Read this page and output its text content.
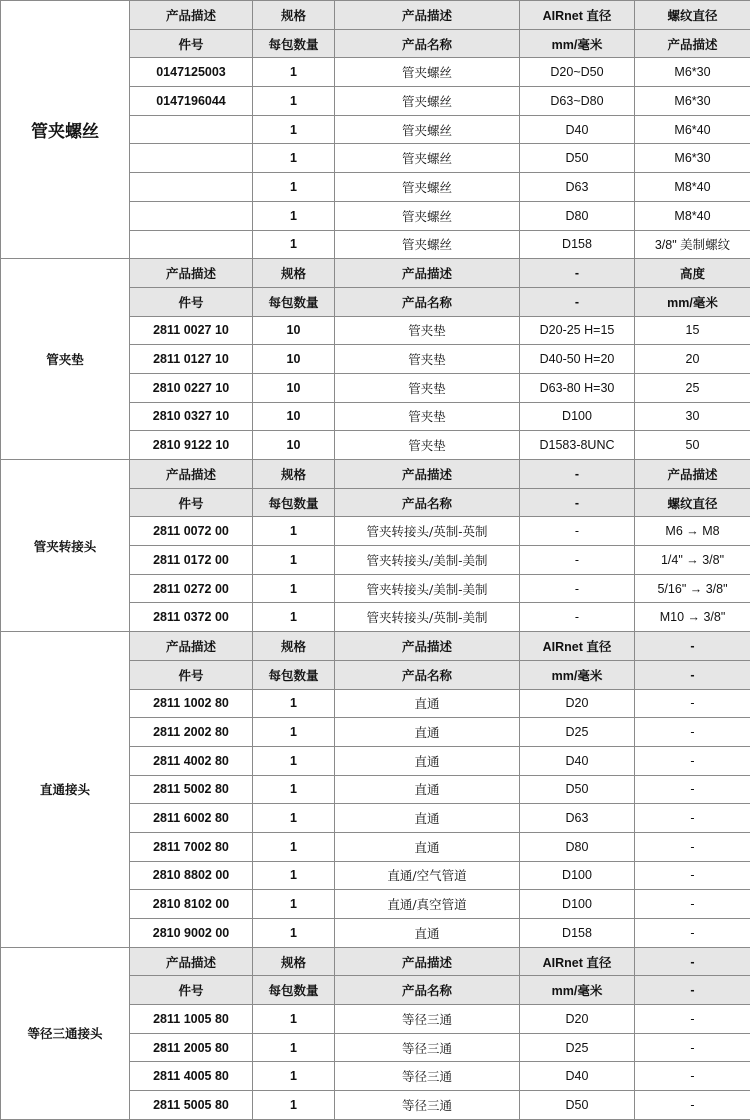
管夹螺丝	产品描述	规格	产品描述	AIRnet 直径	螺纹直径
	件号	每包数量	产品名称	mm/毫米	产品描述
	0147125003	1	管夹螺丝	D20~D50	M6*30
	0147196044	1	管夹螺丝	D63~D80	M6*30
		1	管夹螺丝	D40	M6*40
		1	管夹螺丝	D50	M6*30
		1	管夹螺丝	D63	M8*40
		1	管夹螺丝	D80	M8*40
		1	管夹螺丝	D158	3/8" 美制螺纹
管夹垫	产品描述	规格	产品描述	-	高度
	件号	每包数量	产品名称	-	mm/毫米
	2811 0027 10	10	管夹垫	D20-25 H=15	15
	2811 0127 10	10	管夹垫	D40-50 H=20	20
	2810 0227 10	10	管夹垫	D63-80 H=30	25
	2810 0327 10	10	管夹垫	D100	30
	2810 9122 10	10	管夹垫	D1583-8UNC	50
管夹转接头	产品描述	规格	产品描述	-	产品描述
	件号	每包数量	产品名称	-	螺纹直径
	2811 0072 00	1	管夹转接头/英制-英制	-	M6 → M8
	2811 0172 00	1	管夹转接头/美制-美制	-	1/4" → 3/8"
	2811 0272 00	1	管夹转接头/美制-美制	-	5/16" → 3/8"
	2811 0372 00	1	管夹转接头/英制-美制	-	M10 → 3/8"
直通接头	产品描述	规格	产品描述	AIRnet 直径	-
	件号	每包数量	产品名称	mm/毫米	-
	2811 1002 80	1	直通	D20	-
	2811 2002 80	1	直通	D25	-
	2811 4002 80	1	直通	D40	-
	2811 5002 80	1	直通	D50	-
	2811 6002 80	1	直通	D63	-
	2811 7002 80	1	直通	D80	-
	2810 8802 00	1	直通/空气管道	D100	-
	2810 8102 00	1	直通/真空管道	D100	-
	2810 9002 00	1	直通	D158	-
等径三通接头	产品描述	规格	产品描述	AIRnet 直径	-
	件号	每包数量	产品名称	mm/毫米	-
	2811 1005 80	1	等径三通	D20	-
	2811 2005 80	1	等径三通	D25	-
	2811 4005 80	1	等径三通	D40	-
	2811 5005 80	1	等径三通	D50	-
